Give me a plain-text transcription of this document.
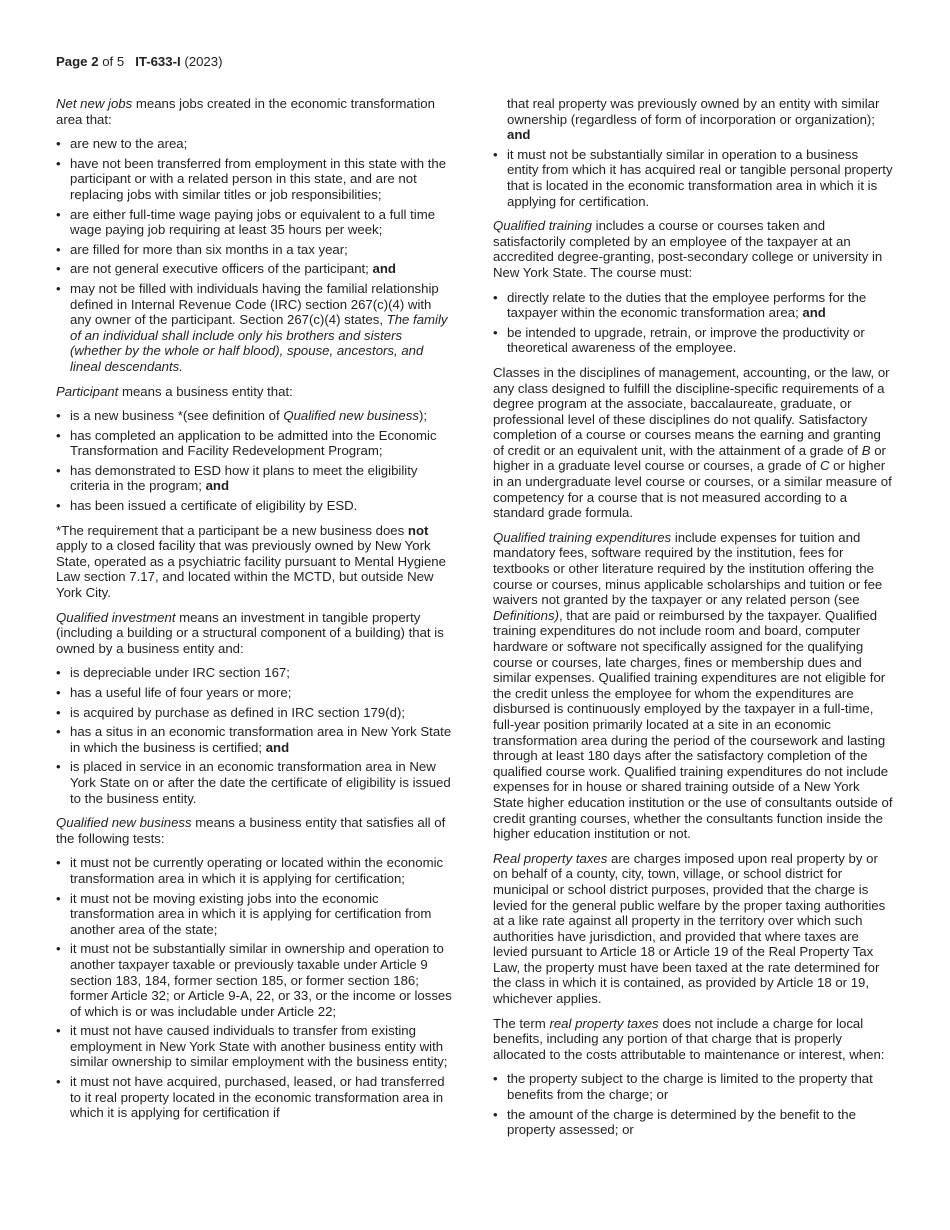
Page 2 of 5 IT-633-I (2023)

Net new jobs means jobs created in the economic transformation area that:

• are new to the area;
• have not been transferred from employment in this state with the participant or with a related person in this state, and are not replacing jobs with similar titles or job responsibilities;
• are either full-time wage paying jobs or equivalent to a full time wage paying job requiring at least 35 hours per week;
• are filled for more than six months in a tax year;
• are not general executive officers of the participant; and
• may not be filled with individuals having the familial relationship defined in Internal Revenue Code (IRC) section 267(c)(4) with any owner of the participant. Section 267(c)(4) states, The family of an individual shall include only his brothers and sisters (whether by the whole or half blood), spouse, ancestors, and lineal descendants.

Participant means a business entity that:

• is a new business *(see definition of Qualified new business);
• has completed an application to be admitted into the Economic Transformation and Facility Redevelopment Program;
• has demonstrated to ESD how it plans to meet the eligibility criteria in the program; and
• has been issued a certificate of eligibility by ESD.

*The requirement that a participant be a new business does not apply to a closed facility that was previously owned by New York State, operated as a psychiatric facility pursuant to Mental Hygiene Law section 7.17, and located within the MCTD, but outside New York City.

Qualified investment means an investment in tangible property (including a building or a structural component of a building) that is owned by a business entity and:

• is depreciable under IRC section 167;
• has a useful life of four years or more;
• is acquired by purchase as defined in IRC section 179(d);
• has a situs in an economic transformation area in New York State in which the business is certified; and
• is placed in service in an economic transformation area in New York State on or after the date the certificate of eligibility is issued to the business entity.

Qualified new business means a business entity that satisfies all of the following tests:

• it must not be currently operating or located within the economic transformation area in which it is applying for certification;
• it must not be moving existing jobs into the economic transformation area in which it is applying for certification from another area of the state;
• it must not be substantially similar in ownership and operation to another taxpayer taxable or previously taxable under Article 9 section 183, 184, former section 185, or former section 186; former Article 32; or Article 9-A, 22, or 33, or the income or losses of which is or was includable under Article 22;
• it must not have caused individuals to transfer from existing employment in New York State with another business entity with similar ownership to similar employment with the business entity;
• it must not have acquired, purchased, leased, or had transferred to it real property located in the economic transformation area in which it is applying for certification if
that real property was previously owned by an entity with similar ownership (regardless of form of incorporation or organization); and
• it must not be substantially similar in operation to a business entity from which it has acquired real or tangible personal property that is located in the economic transformation area in which it is applying for certification.

Qualified training includes a course or courses taken and satisfactorily completed by an employee of the taxpayer at an accredited degree-granting, post-secondary college or university in New York State. The course must:

• directly relate to the duties that the employee performs for the taxpayer within the economic transformation area; and
• be intended to upgrade, retrain, or improve the productivity or theoretical awareness of the employee.

Classes in the disciplines of management, accounting, or the law, or any class designed to fulfill the discipline-specific requirements of a degree program at the associate, baccalaureate, graduate, or professional level of these disciplines do not qualify. Satisfactory completion of a course or courses means the earning and granting of credit or an equivalent unit, with the attainment of a grade of B or higher in a graduate level course or courses, a grade of C or higher in an undergraduate level course or courses, or a similar measure of competency for a course that is not measured according to a standard grade formula.

Qualified training expenditures include expenses for tuition and mandatory fees, software required by the institution, fees for textbooks or other literature required by the institution offering the course or courses, minus applicable scholarships and tuition or fee waivers not granted by the taxpayer or any related person (see Definitions), that are paid or reimbursed by the taxpayer. Qualified training expenditures do not include room and board, computer hardware or software not specifically assigned for the qualifying course or courses, late charges, fines or membership dues and similar expenses. Qualified training expenditures are not eligible for the credit unless the employee for whom the expenditures are disbursed is continuously employed by the taxpayer in a full-time, full-year position primarily located at a site in an economic transformation area during the period of the coursework and lasting through at least 180 days after the satisfactory completion of the qualified course work. Qualified training expenditures do not include expenses for in house or shared training outside of a New York State higher education institution or the use of consultants outside of credit granting courses, whether the consultants function inside the higher education institution or not.

Real property taxes are charges imposed upon real property by or on behalf of a county, city, town, village, or school district for municipal or school district purposes, provided that the charge is levied for the general public welfare by the proper taxing authorities at a like rate against all property in the territory over which such authorities have jurisdiction, and provided that where taxes are levied pursuant to Article 18 or Article 19 of the Real Property Tax Law, the property must have been taxed at the rate determined for the class in which it is contained, as provided by Article 18 or 19, whichever applies.

The term real property taxes does not include a charge for local benefits, including any portion of that charge that is properly allocated to the costs attributable to maintenance or interest, when:

• the property subject to the charge is limited to the property that benefits from the charge; or
• the amount of the charge is determined by the benefit to the property assessed; or
